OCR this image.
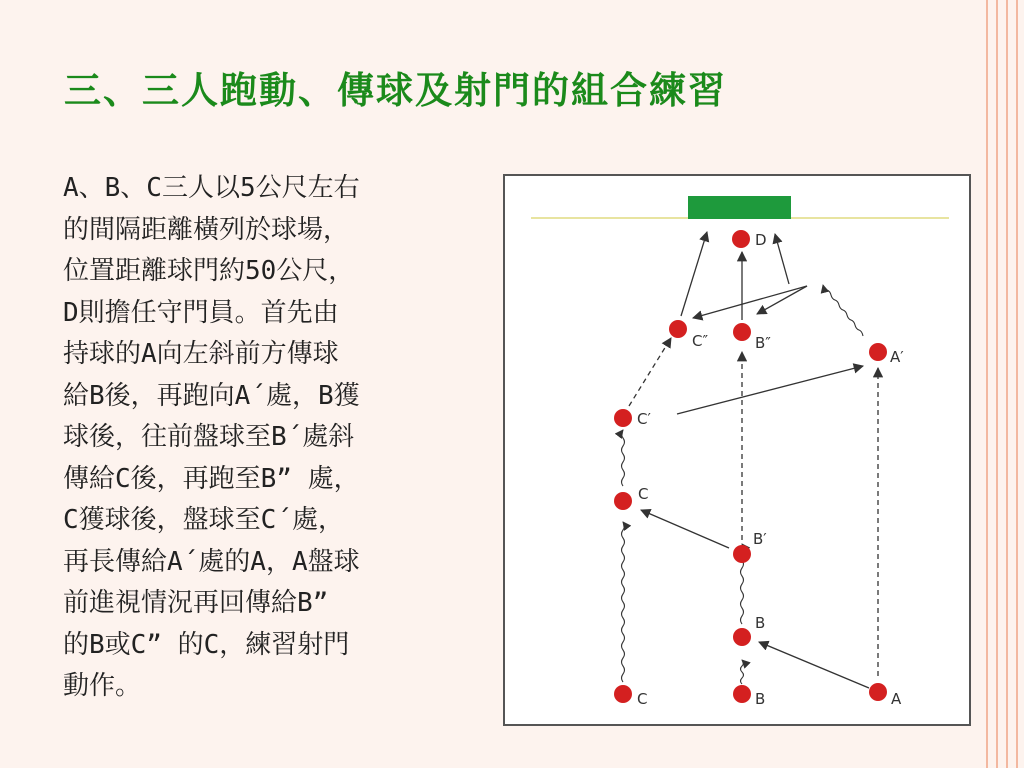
三、三人跑動、傳球及射門的組合練習
A、B、C三人以5公尺左右
的間隔距離橫列於球場，
位置距離球門約50公尺，
D則擔任守門員。首先由
持球的A向左斜前方傳球
給B後，再跑向A´處，B獲
球後，往前盤球至B´處斜
傳給C後，再跑至B” 處，
C獲球後，盤球至C´處，
再長傳給A´處的A，A盤球
前進視情況再回傳給B”
的B或C” 的C，練習射門
動作。
D
C″	B″
A′
C′
C
B′
B
C	B	A
